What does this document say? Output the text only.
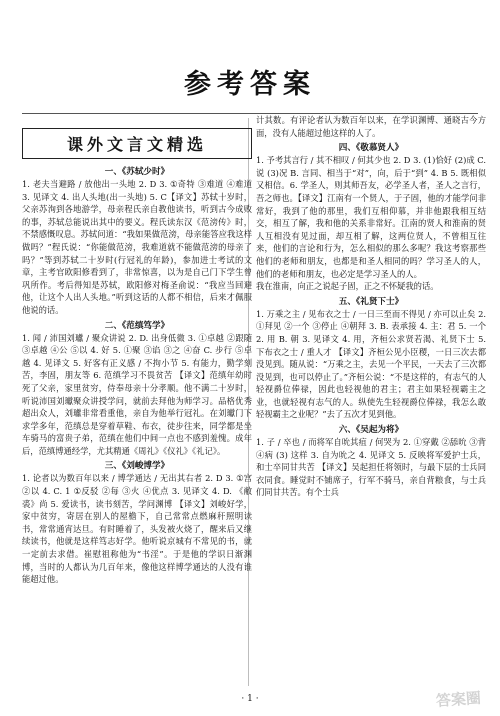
参考答案
课外文言文精选
一、《苏轼少时》

1. 老夫当避路 / 放他出一头地 2. D 3. ①奇特 ③难道 ④难道 3. 见译文 4. 出人头地(出一头地) 5. C【译文】苏轼十岁时，父亲苏洵到各地游学，母亲程氏亲自教他读书，听到古今成败的事，苏轼总能说出其中的要义。程氏读东汉《范滂传》时，不禁感慨叹息。苏轼问道：“我如果做范滂，母亲能答应我这样做吗？”程氏说：“你能做范滂，我难道就不能做范滂的母亲了吗？”等到苏轼二十岁时(行冠礼的年龄)，参加进士考试的文章，主考官欧阳修看到了，非常惊喜，以为是自己门下学生曾巩所作。考后得知是苏轼，欧阳修对梅圣俞说：“我应当回避他，让这个人出人头地。”听到这话的人都不相信，后来才佩服他说的话。

二、《范缜笃学》

1. 闻 / 沛国刘瓛 / 聚众讲说 2. D. 出身低微 3. ①卓越 ②跟随 ③卓越 ④公 ⑤以 4. 好 5. ①聚 ③谄 ③之 ④奋 C. 步行 ⑤卓越 4. 见译文 5. 好客有正义感 / 不拘小节 5. 有能力，勤学刻苦，李固，朋友等 6. 范缜学习不畏贫苦 【译文】范缜年幼时死了父亲，家里贫穷，侍奉母亲十分孝顺。他不满二十岁时，听说沛国刘瓛聚众讲授学问，就前去拜他为师学习。品格优秀超出众人，刘瓛非常看重他，亲自为他举行冠礼。在刘瓛门下求学多年，范缜总是穿着草鞋、布衣，徒步往来，同学都是坐车骑马的富贵子弟，范缜在他们中间一点也不感到羞愧。成年后，范缜博通经学，尤其精通《周礼》《仪礼》《礼记》。

三、《刘峻博学》

1. 论者以为数百年以来 / 博学通达 / 无出其右者 2. D 3. ①宫 ②以 4. C. 1 ①反驳 ②每 ③火 ④优点 3. 见译文 4. D. 《敝裘》尚 5. 爱读书，读书刻苦，学问渊博 【译文】刘峻好学，家中贫穷，寄居在别人的屋檐下，自己常常点燃麻秆照明读书，常常通宵达旦。有时睡着了，头发被火烧了，醒来后又继续读书，他就是这样笃志好学。他听说京城有不常见的书，就一定前去求借。崔慰祖称他为“书淫”。于是他的学识日渐渊博，当时的人都认为几百年来，像他这样博学通达的人没有谁能超过他。

计其数。有评论者认为数百年以来，在学识渊博、通晓古今方面，没有人能超过他这样的人了。

四、《敬慕贤人》

1. 予考其言行 / 其不相叹 / 何其少也 2. D 3. (1)恰好 (2)成 C. 说 (3)况 B. 言同、相当于“对”，向，后于“到” 4. B 5. 既相似又相信。6. 学圣人，则其师吾友，必学圣人者，圣人之言行，吾之师也。【译文】江南有一个贤人，于子固，他的才能学问非常好，我到了他的那里，我们互相仰慕，并非他跟我相互结交，相互了解，我和他的关系非常好。江南的贤人和淮南的贤人互相没有见过面，却互相了解，这两位贤人，不曾相互往来，他们的言论和行为，怎么相似的那么多呢？我这考察那些他们的老师和朋友，也都是和圣人相同的吗？学习圣人的人，他们的老师和朋友，也必定是学习圣人的人。

我在淮南，向正之说起子固，正之不怀疑我的话。

五、《礼贤下士》

1. 万乘之主 / 见布衣之士 / 一日三至而不得见 / 亦可以止矣 2. ①拜见 ②一个 ③停止 ④朝拜 3. B. 表承接 4. 主：君 5. 一个 2. 用 B. 朝 3. 见译文 4. 用，齐桓公求贤若渴、礼贤下士 5. 下布衣之士 / 重人才 【译文】齐桓公见小臣稷，一日三次去都没见到。随从说：“万乘之主，去见一个平民，一天去了三次都没见到，也可以停止了。”齐桓公说：“不是这样的，有志气的人轻视爵位俸禄，因此也轻视他的君主；君主如果轻视霸主之业，也就轻视有志气的人。纵使先生轻视爵位俸禄，我怎么敢轻视霸主之业呢？”去了五次才见到他。

六、《吴起为将》

1. 子 / 卒也 / 而将军自吮其疽 / 何哭为 2. ①穿戴 ②舔吮 ③背 ④病 (3) 这样 3. 自为吮之 4. 见译文 5. 反映将军爱护士兵，和士卒同甘共苦 【译文】吴起担任将领时，与最下层的士兵同衣同食。睡觉时不铺席子，行军不骑马，亲自背粮食，与士兵们同甘共苦。有个士兵

· 1 ·	答案圈
